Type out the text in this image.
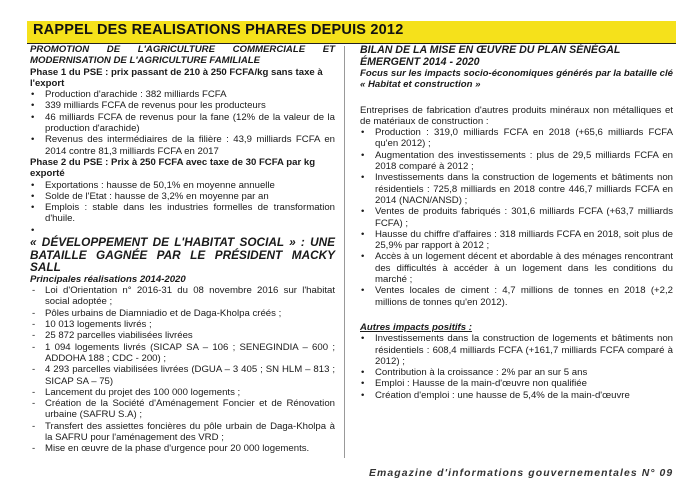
RAPPEL DES REALISATIONS PHARES DEPUIS 2012
PROMOTION DE L'AGRICULTURE COMMERCIALE ET MODERNISATION DE L'AGRICULTURE FAMILIALE
Phase 1 du PSE : prix passant de 210 à 250 FCFA/kg sans taxe à l'export
• Production d'arachide : 382 milliards FCFA
• 339 milliards FCFA de revenus pour les producteurs
• 46 milliards FCFA de revenus pour la fane (12% de la valeur de la production d'arachide)
• Revenus des intermédiaires de la filière : 43,9 milliards FCFA en 2014 contre 81,3 milliards FCFA en 2017
Phase 2 du PSE : Prix à 250 FCFA avec taxe de 30 FCFA par kg exporté
• Exportations : hausse de 50,1% en moyenne annuelle
• Solde de l'Etat : hausse de 3,2% en moyenne par an
• Emplois : stable dans les industries formelles de transformation d'huile.
•
« DÉVELOPPEMENT DE L'HABITAT SOCIAL » : UNE BATAILLE GAGNÉE PAR LE PRÉSIDENT MACKY SALL
Principales réalisations 2014-2020
- Loi d'Orientation n° 2016-31 du 08 novembre 2016 sur l'habitat social adoptée ;
- Pôles urbains de Diamniadio et de Daga-Kholpa créés ;
- 10 013 logements livrés ;
- 25 872 parcelles viabilisées livrées
- 1 094 logements livrés (SICAP SA – 106 ; SENEGINDIA – 600 ; ADDOHA 188 ; CDC - 200) ;
- 4 293 parcelles viabilisées livrées (DGUA – 3 405 ; SN HLM – 813 ; SICAP SA – 75)
- Lancement du projet des 100 000 logements ;
- Création de la Société d'Aménagement Foncier et de Rénovation urbaine (SAFRU S.A) ;
- Transfert des assiettes foncières du pôle urbain de Daga-Kholpa à la SAFRU pour l'aménagement des VRD ;
- Mise en œuvre de la phase d'urgence pour 20 000 logements.
BILAN DE LA MISE EN ŒUVRE DU PLAN SÉNÉGAL ÉMERGENT 2014 - 2020
Focus sur les impacts socio-économiques générés par la bataille clé « Habitat et construction »
Entreprises de fabrication d'autres produits minéraux non métalliques et de matériaux de construction :
• Production : 319,0 milliards FCFA en 2018 (+65,6 milliards FCFA qu'en 2012) ;
• Augmentation des investissements : plus de 29,5 milliards FCFA en 2018 comparé à 2012 ;
• Investissements dans la construction de logements et bâtiments non résidentiels : 725,8 milliards en 2018 contre 446,7 milliards FCFA en 2014 (NACN/ANSD) ;
• Ventes de produits fabriqués : 301,6 milliards FCFA (+63,7 milliards FCFA) ;
• Hausse du chiffre d'affaires : 318 milliards FCFA en 2018, soit plus de 25,9% par rapport à 2012 ;
• Accès à un logement décent et abordable à des ménages rencontrant des difficultés à accéder à un logement dans les conditions du marché ;
• Ventes locales de ciment : 4,7 millions de tonnes en 2018 (+2,2 millions de tonnes qu'en 2012).
Autres impacts positifs :
• Investissements dans la construction de logements et bâtiments non résidentiels : 608,4 milliards FCFA (+161,7 milliards FCFA comparé à 2012) ;
• Contribution à la croissance : 2% par an sur 5 ans
• Emploi : Hausse de la main-d'œuvre non qualifiée
• Création d'emploi : une hausse de 5,4% de la main-d'œuvre
Emagazine d'informations gouvernementales N° 09
